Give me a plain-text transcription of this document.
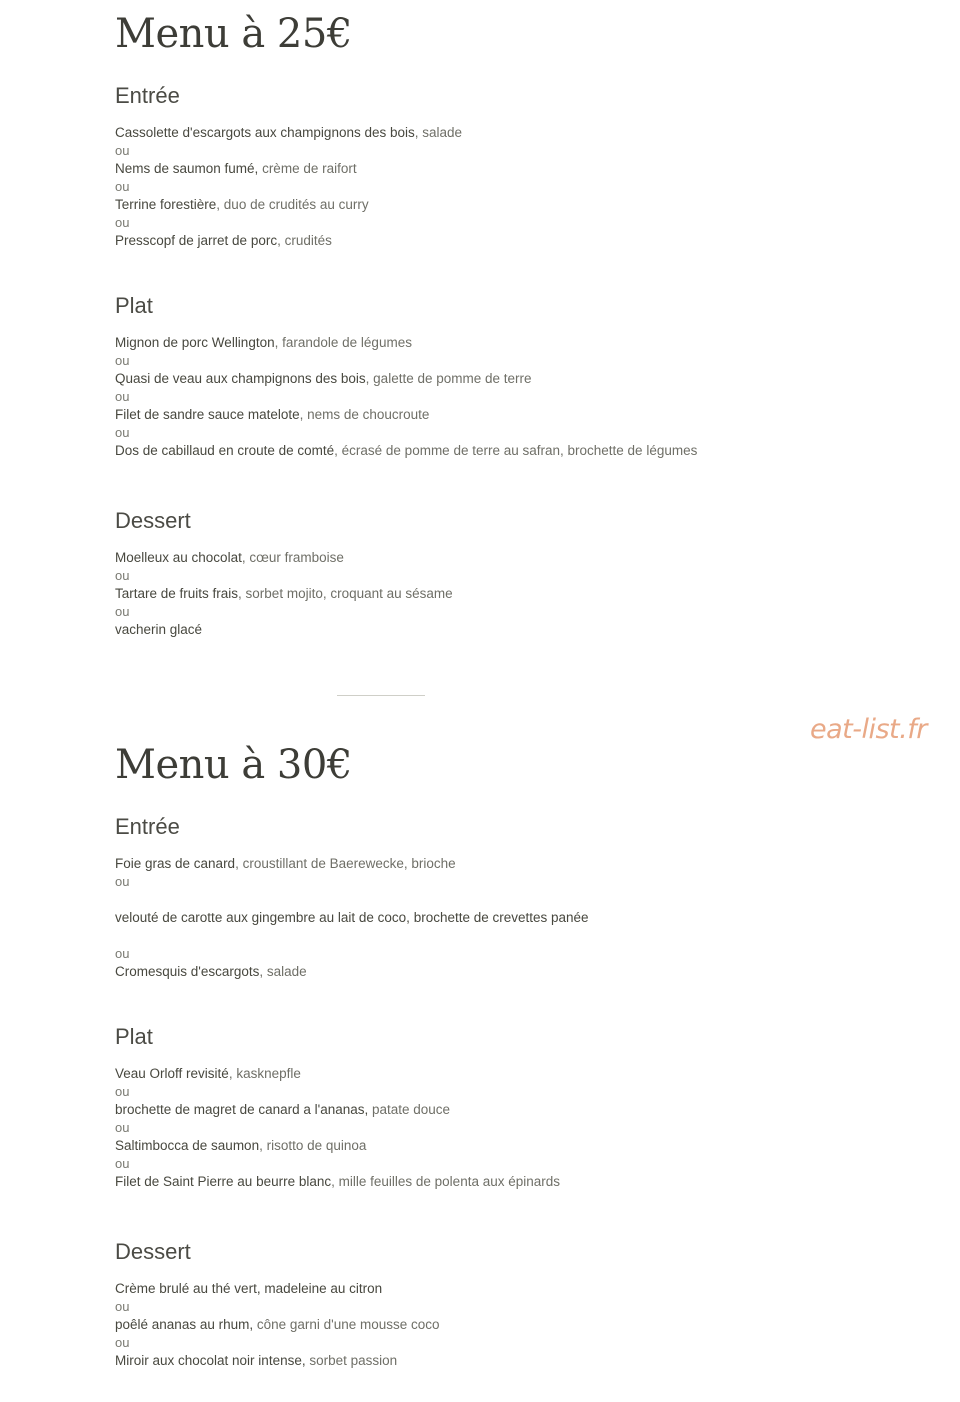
Menu à 25€
Entrée
Cassolette d'escargots aux champignons des bois, salade
ou
Nems de saumon fumé, crème de raifort
ou
Terrine forestière, duo de crudités au curry
ou
Presscopf de jarret de porc, crudités
Plat
Mignon de porc Wellington, farandole de légumes
ou
Quasi de veau aux champignons des bois, galette de pomme de terre
ou
Filet de sandre sauce matelote, nems de choucroute
ou
Dos de cabillaud en croute de comté, écrasé de pomme de terre au safran, brochette de légumes
Dessert
Moelleux au chocolat, cœur framboise
ou
Tartare de fruits frais, sorbet mojito, croquant au sésame
ou
vacherin glacé
eat-list.fr
Menu à 30€
Entrée
Foie gras de canard, croustillant de Baerewecke, brioche
ou

velouté de carotte aux gingembre au lait de coco, brochette de crevettes panée

ou
Cromesquis d'escargots, salade
Plat
Veau Orloff revisité, kasknepfle
ou
brochette de magret de canard a l'ananas, patate douce
ou
Saltimbocca de saumon, risotto de quinoa
ou
Filet de Saint Pierre au beurre blanc, mille feuilles de polenta aux épinards
Dessert
Crème brulé au thé vert, madeleine au citron
ou
poêlé ananas au rhum, cône garni d'une mousse coco
ou
Miroir aux chocolat noir intense, sorbet passion
